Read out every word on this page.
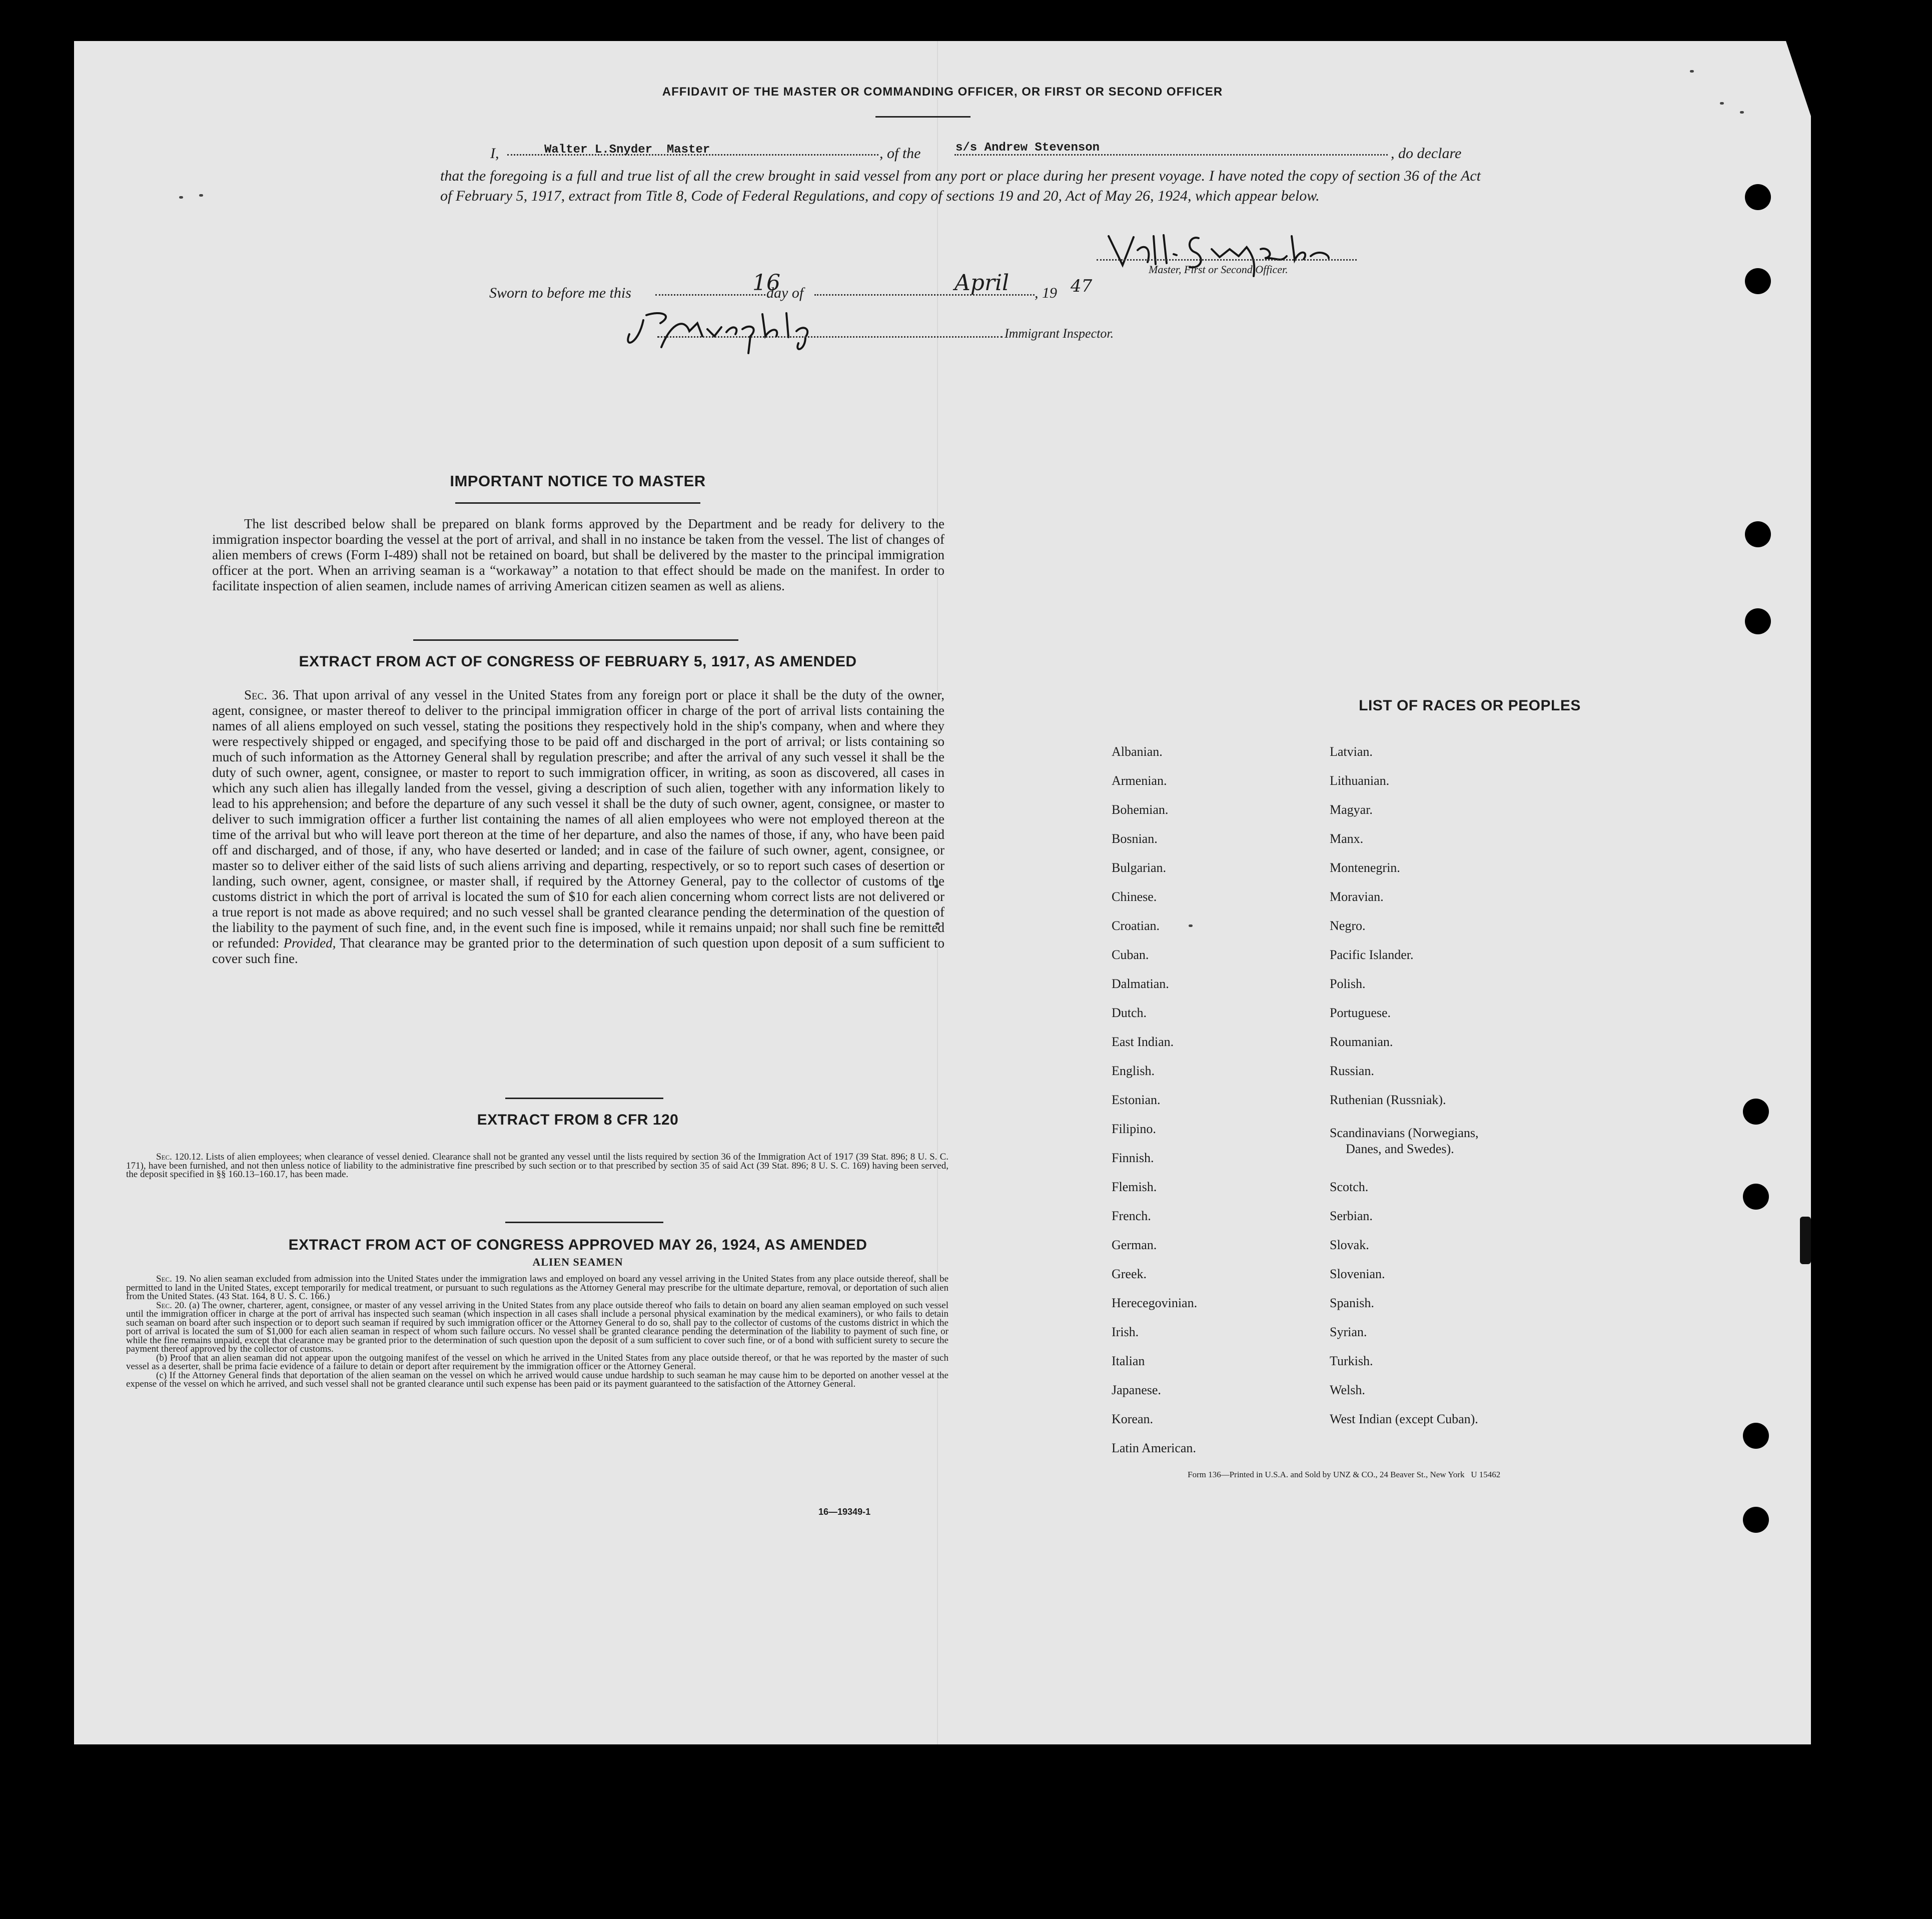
AFFIDAVIT OF THE MASTER OR COMMANDING OFFICER, OR FIRST OR SECOND OFFICER
I,	Walter L.Snyder  Master	, of the	s/s Andrew Stevenson	, do declare
that the foregoing is a full and true list of all the crew brought in said vessel from any port or place during her present voyage. I have noted the copy of section 36 of the Act of February 5, 1917, extract from Title 8, Code of Federal Regulations, and copy of sections 19 and 20, Act of May 26, 1924, which appear below.
Master, First or Second Officer.
Sworn to before me this	16
day of	April , 19 47
Immigrant Inspector.
IMPORTANT NOTICE TO MASTER

The list described below shall be prepared on blank forms approved by the Department and be ready for delivery to the immigration inspector boarding the vessel at the port of arrival, and shall in no instance be taken from the vessel. The list of changes of alien members of crews (Form I-489) shall not be retained on board, but shall be delivered by the master to the principal immigration officer at the port. When an arriving seaman is a “workaway” a notation to that effect should be made on the manifest. In order to facilitate inspection of alien seamen, include names of arriving American citizen seamen as well as aliens.

EXTRACT FROM ACT OF CONGRESS OF FEBRUARY 5, 1917, AS AMENDED

Sec. 36. That upon arrival of any vessel in the United States from any foreign port or place it shall be the duty of the owner, agent, consignee, or master thereof to deliver to the principal immigration officer in charge of the port of arrival lists containing the names of all aliens employed on such vessel, stating the positions they respectively hold in the ship's company, when and where they were respectively shipped or engaged, and specifying those to be paid off and discharged in the port of arrival; or lists containing so much of such information as the Attorney General shall by regulation prescribe; and after the arrival of any such vessel it shall be the duty of such owner, agent, consignee, or master to report to such immigration officer, in writing, as soon as discovered, all cases in which any such alien has illegally landed from the vessel, giving a description of such alien, together with any information likely to lead to his apprehension; and before the departure of any such vessel it shall be the duty of such owner, agent, consignee, or master to deliver to such immigration officer a further list containing the names of all alien employees who were not employed thereon at the time of the arrival but who will leave port thereon at the time of her departure, and also the names of those, if any, who have been paid off and discharged, and of those, if any, who have deserted or landed; and in case of the failure of such owner, agent, consignee, or master so to deliver either of the said lists of such aliens arriving and departing, respectively, or so to report such cases of desertion or landing, such owner, agent, consignee, or master shall, if required by the Attorney General, pay to the collector of customs of the customs district in which the port of arrival is located the sum of $10 for each alien concerning whom correct lists are not delivered or a true report is not made as above required; and no such vessel shall be granted clearance pending the determination of the question of the liability to the payment of such fine, and, in the event such fine is imposed, while it remains unpaid; nor shall such fine be remitted or refunded: Provided, That clearance may be granted prior to the determination of such question upon deposit of a sum sufficient to cover such fine.

EXTRACT FROM 8 CFR 120

Sec. 120.12. Lists of alien employees; when clearance of vessel denied. Clearance shall not be granted any vessel until the lists required by section 36 of the Immigration Act of 1917 (39 Stat. 896; 8 U. S. C. 171), have been furnished, and not then unless notice of liability to the administrative fine prescribed by such section or to that prescribed by section 35 of said Act (39 Stat. 896; 8 U. S. C. 169) having been served, the deposit specified in §§ 160.13–160.17, has been made.

EXTRACT FROM ACT OF CONGRESS APPROVED MAY 26, 1924, AS AMENDED
ALIEN SEAMEN

Sec. 19. No alien seaman excluded from admission into the United States under the immigration laws and employed on board any vessel arriving in the United States from any place outside thereof, shall be permitted to land in the United States, except temporarily for medical treatment, or pursuant to such regulations as the Attorney General may prescribe for the ultimate departure, removal, or deportation of such alien from the United States. (43 Stat. 164, 8 U. S. C. 166.)

Sec. 20. (a) The owner, charterer, agent, consignee, or master of any vessel arriving in the United States from any place outside thereof who fails to detain on board any alien seaman employed on such vessel until the immigration officer in charge at the port of arrival has inspected such seaman (which inspection in all cases shall include a personal physical examination by the medical examiners), or who fails to detain such seaman on board after such inspection or to deport such seaman if required by such immigration officer or the Attorney General to do so, shall pay to the collector of customs of the customs district in which the port of arrival is located the sum of $1,000 for each alien seaman in respect of whom such failure occurs. No vessel shall be granted clearance pending the determination of the liability to payment of such fine, or while the fine remains unpaid, except that clearance may be granted prior to the determination of such question upon the deposit of a sum sufficient to cover such fine, or of a bond with sufficient surety to secure the payment thereof approved by the collector of customs.

(b) Proof that an alien seaman did not appear upon the outgoing manifest of the vessel on which he arrived in the United States from any place outside thereof, or that he was reported by the master of such vessel as a deserter, shall be prima facie evidence of a failure to detain or deport after requirement by the immigration officer or the Attorney General.

(c) If the Attorney General finds that deportation of the alien seaman on the vessel on which he arrived would cause undue hardship to such seaman he may cause him to be deported on another vessel at the expense of the vessel on which he arrived, and such vessel shall not be granted clearance until such expense has been paid or its payment guaranteed to the satisfaction of the Attorney General.

16—19349-1
LIST OF RACES OR PEOPLES
Albanian.
Armenian.
Bohemian.
Bosnian.
Bulgarian.
Chinese.
Croatian.
Cuban.
Dalmatian.
Dutch.
East Indian.
English.
Estonian.
Filipino.
Finnish.
Flemish.
French.
German.
Greek.
Herecegovinian.
Irish.
Italian
Japanese.
Korean.
Latin American.
Latvian.
Lithuanian.
Magyar.
Manx.
Montenegrin.
Moravian.
Negro.
Pacific Islander.
Polish.
Portuguese.
Roumanian.
Russian.
Ruthenian (Russniak).
Scandinavians (Norwegians,
Danes, and Swedes).
Scotch.
Serbian.
Slovak.
Slovenian.
Spanish.
Syrian.
Turkish.
Welsh.
West Indian (except Cuban).
Form 136—Printed in U.S.A. and Sold by UNZ & CO., 24 Beaver St., New York   U 15462
